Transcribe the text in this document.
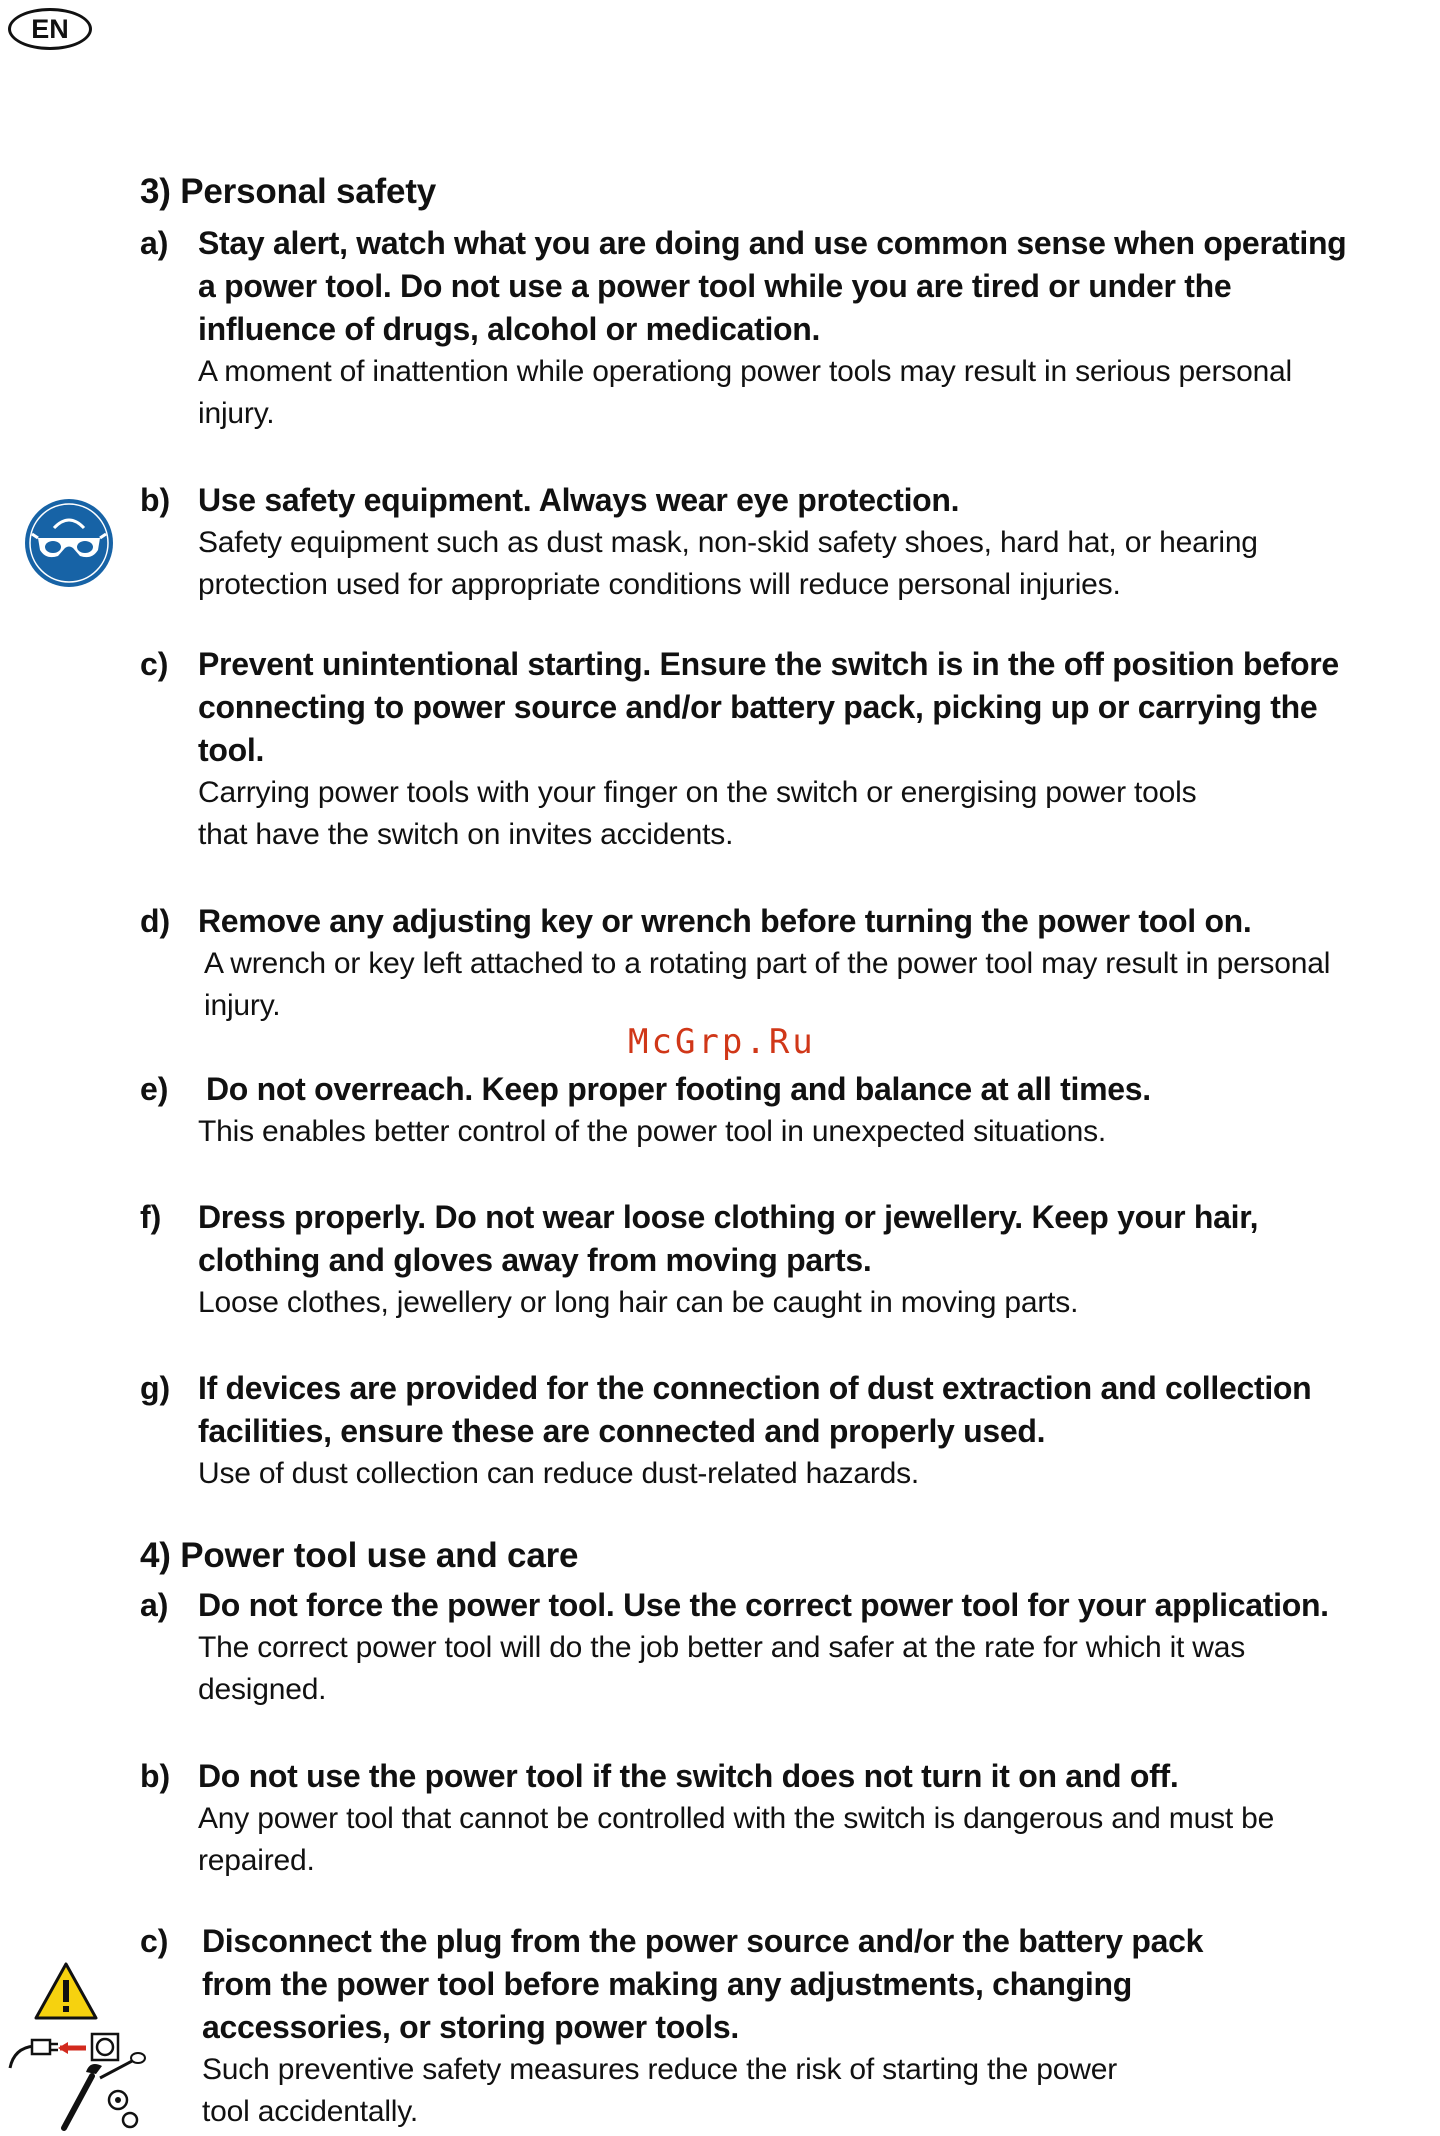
EN
3) Personal safety
a) Stay alert, watch what you are doing and use common sense when operating
a power tool. Do not use a power tool while you are tired or under the
influence of drugs, alcohol or medication.
A moment of inattention while operationg power tools may result in serious personal
injury.
b) Use safety equipment. Always wear eye protection.
Safety equipment such as dust mask, non-skid safety shoes, hard hat, or hearing
protection used for appropriate conditions will reduce personal injuries.
c) Prevent unintentional starting. Ensure the switch is in the off position before
connecting to power source and/or battery pack, picking up or carrying the
tool.
Carrying power tools with your finger on the switch or energising power tools
that have the switch on invites accidents.
d) Remove any adjusting key or wrench before turning the power tool on.
A wrench or key left attached to a rotating part of the power tool may result in personal
injury.
e)	Do not overreach. Keep proper footing and balance at all times.
This enables better control of the power tool in unexpected situations.
f)	Dress properly. Do not wear loose clothing or jewellery. Keep your hair,
clothing and gloves away from moving parts.
Loose clothes, jewellery or long hair can be caught in moving parts.
g) If devices are provided for the connection of dust extraction and collection
facilities, ensure these are connected and properly used.
Use of dust collection can reduce dust-related hazards.
4) Power tool use and care
a) Do not force the power tool. Use the correct power tool for your application.
The correct power tool will do the job better and safer at the rate for which it was
designed.
b) Do not use the power tool if the switch does not turn it on and off.
Any power tool that cannot be controlled with the switch is dangerous and must be
repaired.
c)	Disconnect the plug from the power source and/or the battery pack
from the power tool before making any adjustments, changing
accessories, or storing power tools.
Such preventive safety measures reduce the risk of starting the power
tool accidentally.
McGrp.Ru
